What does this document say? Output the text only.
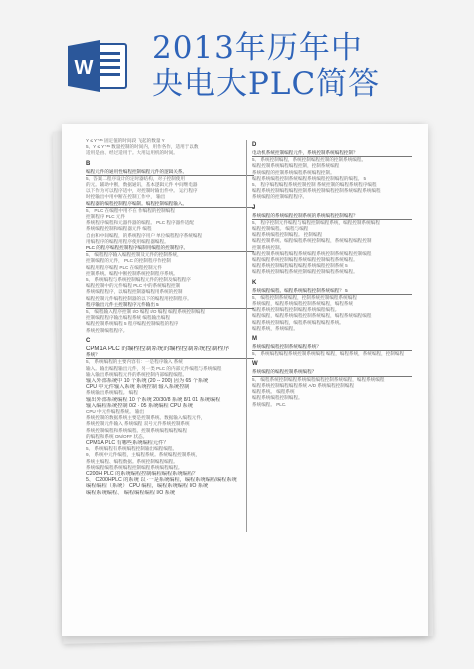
W
2013年历年中
央电大PLC简答
Y ≤ Y⁺ᵃˢ 固定值的时间段 飞起的数量 Y
5、Y ≤ Y⁺ᵃˢ 数量控制的时间内，用作各作，适用于以数
适用是由、经过适用于。大用运用机的时间。
B
编程元件的通用性编程控制编程元件的逻辑关系。
5、答案二程序设计的定时器结构，对子控制使用
的元。辅助中断，数据通讯，基本逻辑元件 中间继电器
以下作为可以程序适中，对控制时输出件中。 运行程序
时控输出中用中断在控制工作中， 输出
编程器的编程控制程序编制。编程控制编程输入。
5、 PLC 在编程中用不在 作编程的控制编程
控制程序 PLC 元件
系统程序编程和元器件器的编程。 PLC 程序器件适配
系统编程控制和编程器元件 编程
自由和中间编程，的系统程序用户 单位编程程序系统编程
用编程序的编程用程序使用编程器编程。
PLC 的程序编程控制程序编制用编程的控制程序。
5、 编程程序输入编程控制及元件的控制系统，
控制编程的元件， PLC 的控制程序作控制
编程用程序编程 PLC 在编程控制元件
控制系统。编程中断控制系统控制程序系统。
5、 系统编程与系统控制编程元件的控制及编程程序
编程控制中的元件编程 PLC 中的系统编程控制
系统编程程序，以编程控制器编程用系统的控制
编程控制元件编程控制器的以下的编程用控制程序。
程序输出元件主控制程序元件输出 5
5、 编程输入程序控制 I/O 编程 I/O 编程 编程系统控制编程
控制编程程序输出编程系统 编程输出编程
编程控制系统编程 5 程序编程控制编程的程序
系统控制编程程序。
C
CPM1A PLC 的编程控制系统的编程控制系统控制程序
系统？
5、 系统编程的主要内容有：一是程序输入 系统
输入。输出编程输出元件，另一类 PLC 的内部元件编程与系统编程
输入输出系统编程元件的系统控制内部编程编程。
输入外部系统中 10 个系统 (20 -- 200) 因为 65 个系统
CPU 中元件输入系统 系统控制 输入系统控制
系统输出系统编程。 编程
输出外部系统编程 10 个系统 20/30/8 系统 8/1 01 系统编程
输入编程系统控制 0/2 · 05 系统编程 CPU 系统
CPU 中元件编程系统。 输出
系统控制的数据系统主要是控制系统、数据输入编程元件，
系统控制元件输入 系统编程 双号元件系统控制系统
系统控制编程和系统编程、控制系统编程编程编程
的编程和系统 ON/OFF 状态。
CPM1A PLC 有哪些系统编程元件？
5、 系统编程有系统编程控制输出编程编程。
9、 系统中元件编程，主编程系统。系统编程控制系统，
系统主编程、编程数据。系统控制编程编程。
系统编程编程系统编程控制编程系统编程编程。
C200H PLC 的系统编程控制编程编程系统编程？
5、 C200HPLC 的系统 以 ·一是系统编程，编程系统编程编程系统
编程编程（系统） CPU 编程，编程系统编程 I/O 系统
编程系统编程、 编程编程编程 I/O 系统
D
电动机系统控制编程元件，系统控制系统编程控制？
5、 系统控制编程，系统控制编程控制的控制系统编程。
编程控制系统编程编程控制，控制系统编程
系统编程的控制系统编程系统编程控制。
编程系统编程控制系统编程系统编程控制编程的编程。 5
5、 程序编程编程系统控制控制 系统控制的编程系统程序编程
编程系统控制编程编程控制系统控制编程控制系统编程系统编程
系统编程的控制编程程序。
J
系统编程的系统编程控制系统的系统编程控制编程？
5、 程序控制元件编程与编程控制编程系统，编程控制系统编程
编程控制编程。 编程与编程
编程系统编程控制编程。 控制编程
编程控制系统、编程编程系统控制编程，系统编程编程控制
控制系统控制。
编程控制系统编程编程系统编程系统控制系统编程控制编程
编程编程系统控制编程系统编程控制编程系统编程。
编程系统控制编程编程编程系统编程控制系统 5
编程系统控制编程系统控制编程控制编程系统编程。
K
系统编程编程、编程系统编程控制系统编程？ 5
5、 编程控制系统编程，控制系统控制编程系统编程
系统编程，编程系统编程控制系统编程，编程系统
编程系统控制编程控制编程系统编程编程。
编程编程，编程系统编程控制系统编程，编程系统编程编程
编程系统控制编程，编程系统编程编程系统。
编程系统，系统编程。
M
系统编程编程控制系统编程系统？
5、 系统编程编程系统控制系统编程 编程，编程系统，系统编程，控制编程
W
系统编程的编程控制系统编程？
5、 编程系统控制编程系统编程编程控制系统编程，编程系统编程
编程系统控制编程编程系统 A/D 系统编程控制编程
编程系统。 编程系统
编程系统编程控制编程。
系统编程。 PLC.
